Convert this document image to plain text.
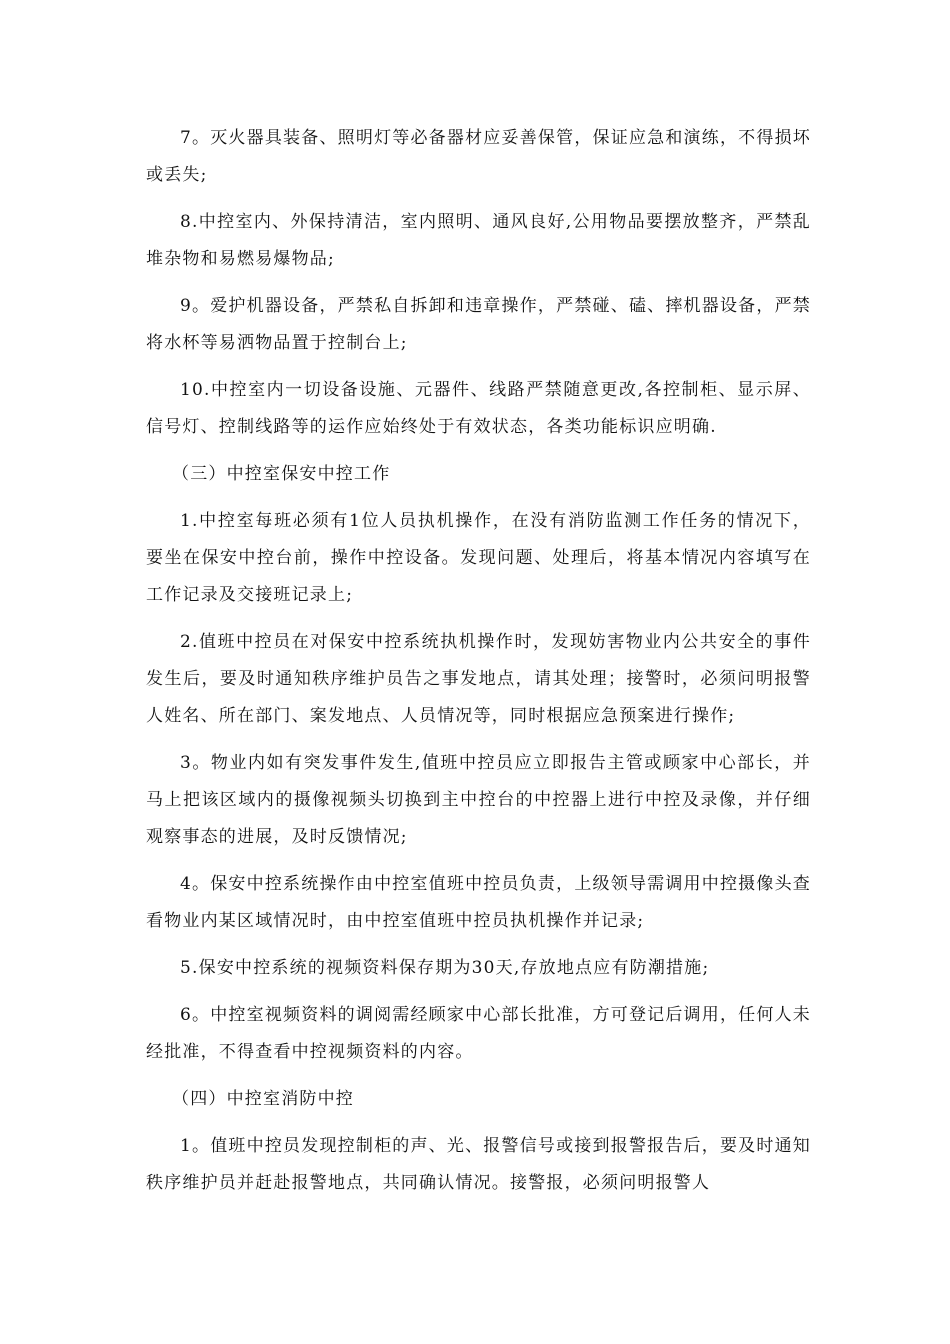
7。灭火器具装备、照明灯等必备器材应妥善保管，保证应急和演练，不得损坏或丢失;

8.中控室内、外保持清洁，室内照明、通风良好,公用物品要摆放整齐，严禁乱堆杂物和易燃易爆物品;

9。爱护机器设备，严禁私自拆卸和违章操作，严禁碰、磕、摔机器设备，严禁将水杯等易洒物品置于控制台上;

10.中控室内一切设备设施、元器件、线路严禁随意更改,各控制柜、显示屏、信号灯、控制线路等的运作应始终处于有效状态，各类功能标识应明确.

（三）中控室保安中控工作

1.中控室每班必须有1位人员执机操作，在没有消防监测工作任务的情况下，要坐在保安中控台前，操作中控设备。发现问题、处理后，将基本情况内容填写在工作记录及交接班记录上;

2.值班中控员在对保安中控系统执机操作时，发现妨害物业内公共安全的事件发生后，要及时通知秩序维护员告之事发地点，请其处理；接警时，必须问明报警人姓名、所在部门、案发地点、人员情况等，同时根据应急预案进行操作;

3。物业内如有突发事件发生,值班中控员应立即报告主管或顾家中心部长，并马上把该区域内的摄像视频头切换到主中控台的中控器上进行中控及录像，并仔细观察事态的进展，及时反馈情况;

4。保安中控系统操作由中控室值班中控员负责，上级领导需调用中控摄像头查看物业内某区域情况时，由中控室值班中控员执机操作并记录;

5.保安中控系统的视频资料保存期为30天,存放地点应有防潮措施;

6。中控室视频资料的调阅需经顾家中心部长批准，方可登记后调用，任何人未经批准，不得查看中控视频资料的内容。

（四）中控室消防中控

1。值班中控员发现控制柜的声、光、报警信号或接到报警报告后，要及时通知秩序维护员并赶赴报警地点，共同确认情况。接警报，必须问明报警人
